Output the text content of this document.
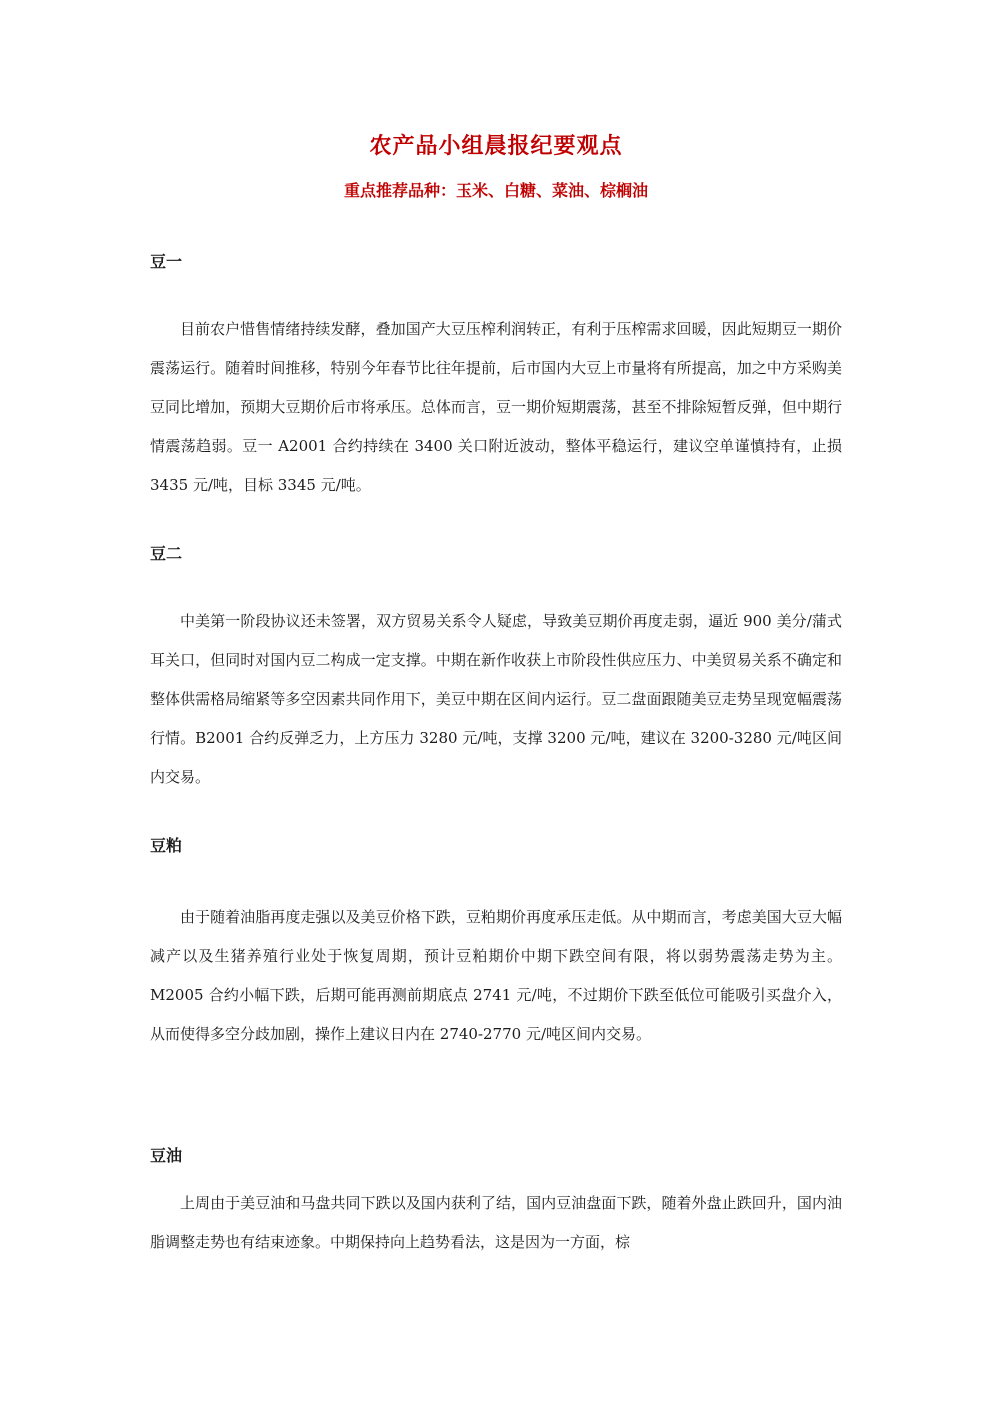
农产品小组晨报纪要观点
重点推荐品种：玉米、白糖、菜油、棕榈油
豆一

目前农户惜售情绪持续发酵，叠加国产大豆压榨利润转正，有利于压榨需求回暖，因此短期豆一期价震荡运行。随着时间推移，特别今年春节比往年提前，后市国内大豆上市量将有所提高，加之中方采购美豆同比增加，预期大豆期价后市将承压。总体而言，豆一期价短期震荡，甚至不排除短暂反弹，但中期行情震荡趋弱。豆一 A2001 合约持续在 3400 关口附近波动，整体平稳运行，建议空单谨慎持有，止损 3435 元/吨，目标 3345 元/吨。

豆二

中美第一阶段协议还未签署，双方贸易关系令人疑虑，导致美豆期价再度走弱，逼近 900 美分/蒲式耳关口，但同时对国内豆二构成一定支撑。中期在新作收获上市阶段性供应压力、中美贸易关系不确定和整体供需格局缩紧等多空因素共同作用下，美豆中期在区间内运行。豆二盘面跟随美豆走势呈现宽幅震荡行情。B2001 合约反弹乏力，上方压力 3280 元/吨，支撑 3200 元/吨，建议在 3200-3280 元/吨区间内交易。

豆粕

由于随着油脂再度走强以及美豆价格下跌，豆粕期价再度承压走低。从中期而言，考虑美国大豆大幅减产以及生猪养殖行业处于恢复周期，预计豆粕期价中期下跌空间有限，将以弱势震荡走势为主。M2005 合约小幅下跌，后期可能再测前期底点 2741 元/吨，不过期价下跌至低位可能吸引买盘介入，从而使得多空分歧加剧，操作上建议日内在 2740-2770 元/吨区间内交易。

豆油

上周由于美豆油和马盘共同下跌以及国内获利了结，国内豆油盘面下跌，随着外盘止跌回升，国内油脂调整走势也有结束迹象。中期保持向上趋势看法，这是因为一方面，棕
